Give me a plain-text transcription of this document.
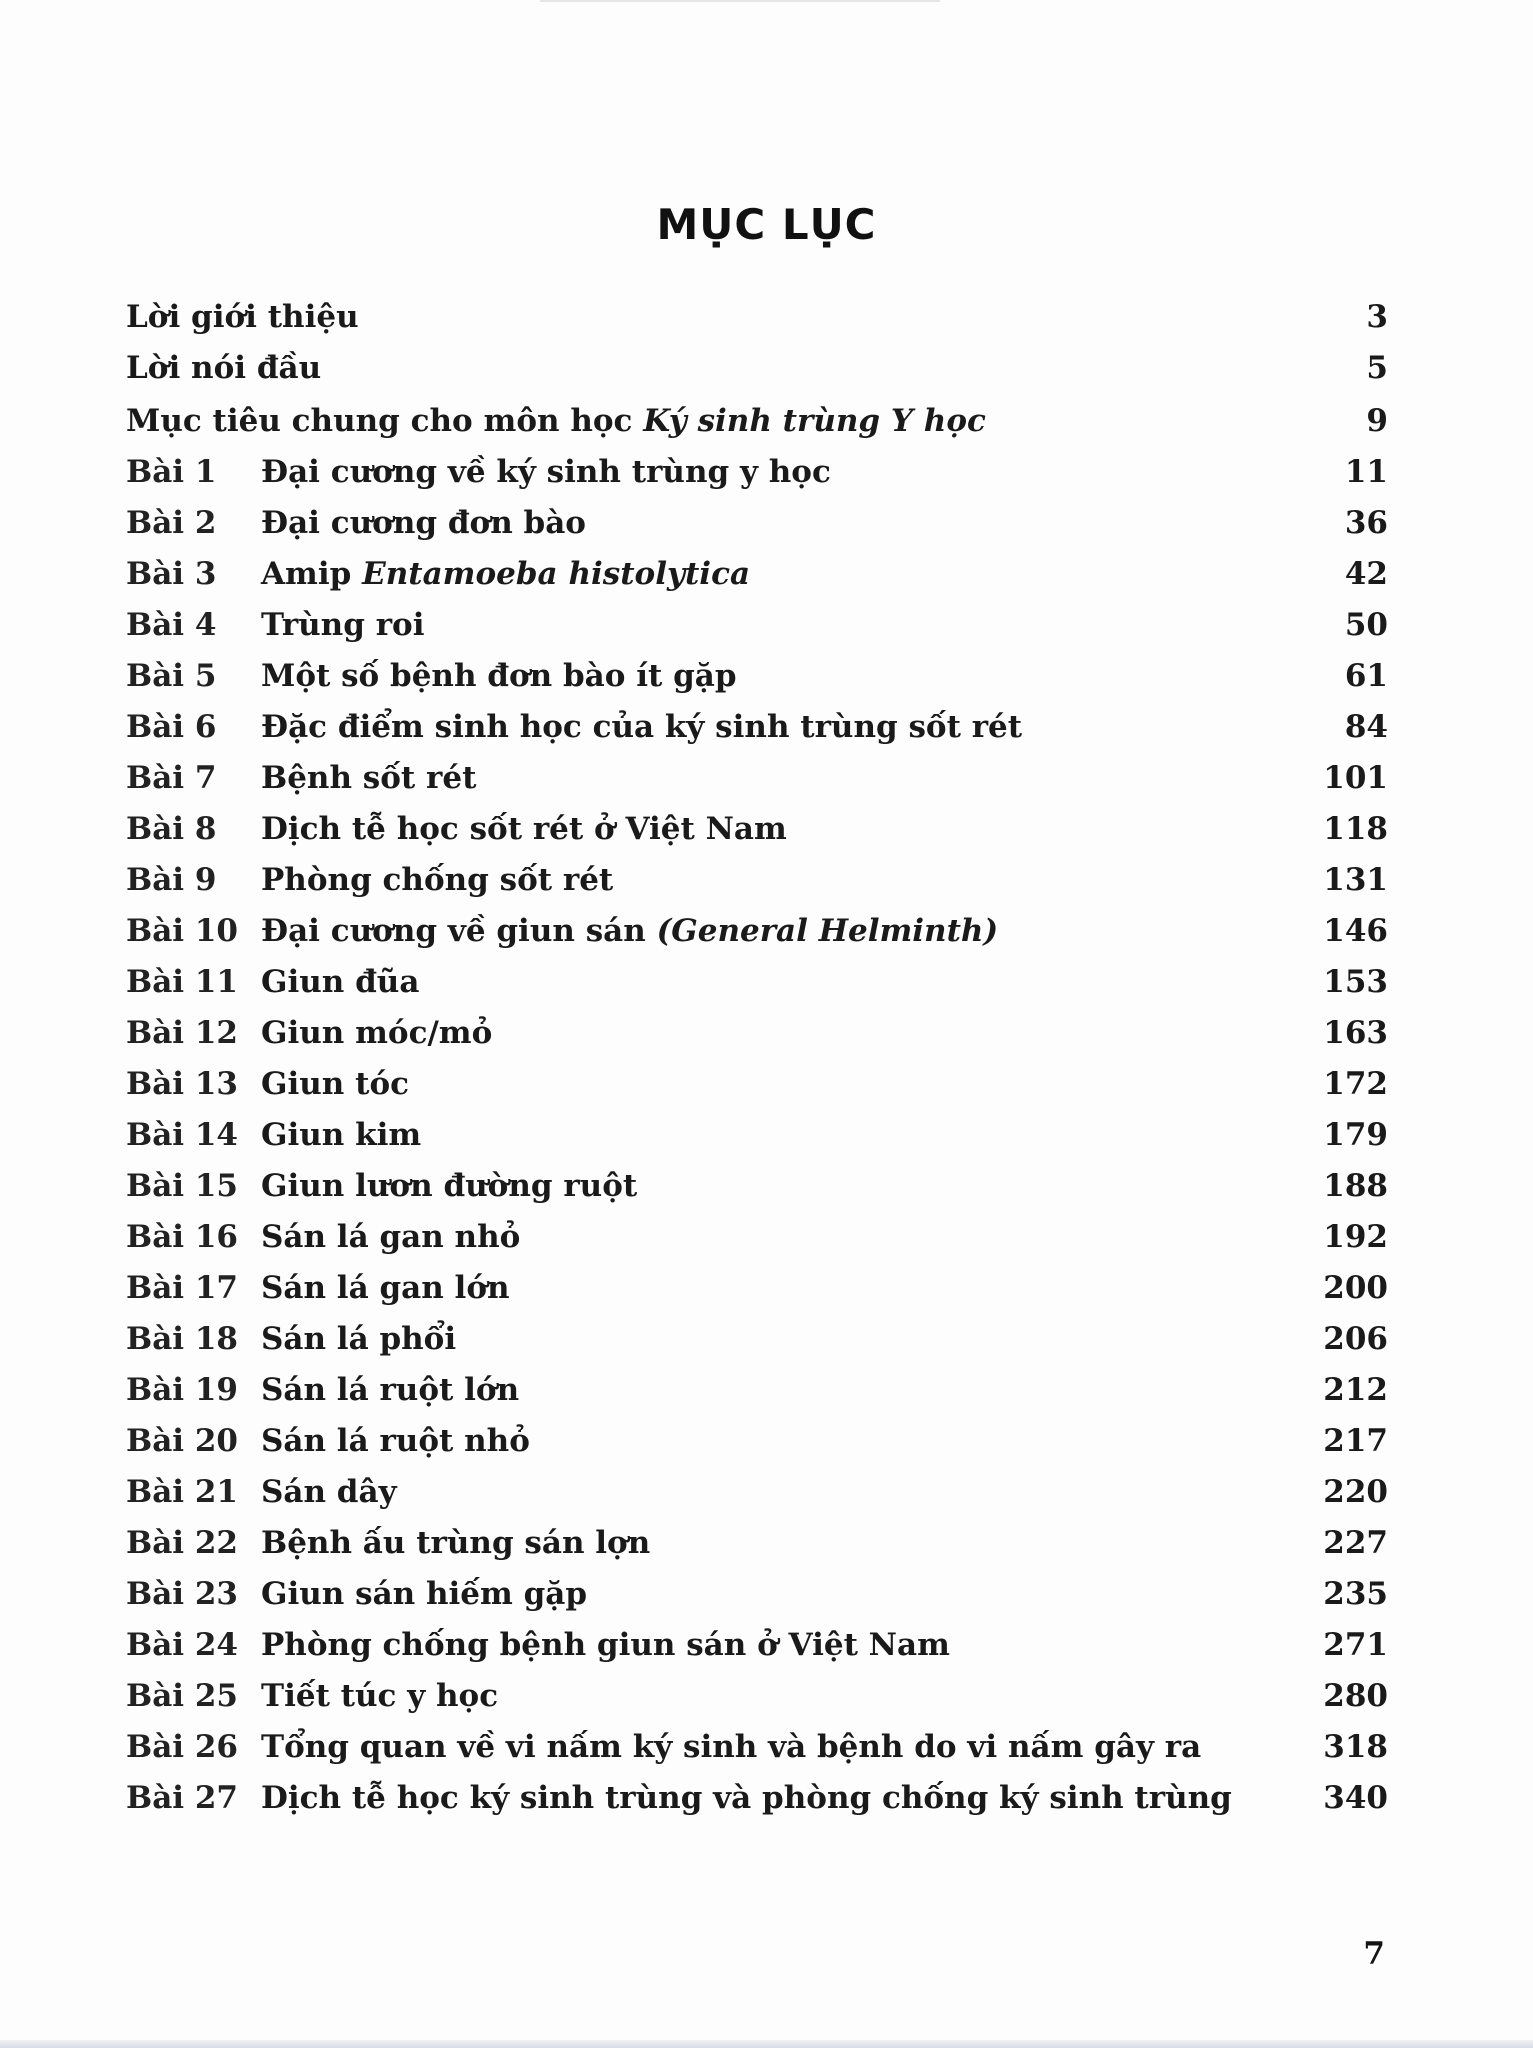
MỤC LỤC
Lời giới thiệu	3
Lời nói đầu	5
Mục tiêu chung cho môn học Ký sinh trùng Y học	9
Bài 1 Đại cương về ký sinh trùng y học	11
Bài 2 Đại cương đơn bào	36
Bài 3 Amip Entamoeba histolytica	42
Bài 4 Trùng roi	50
Bài 5 Một số bệnh đơn bào ít gặp	61
Bài 6 Đặc điểm sinh học của ký sinh trùng sốt rét	84
Bài 7 Bệnh sốt rét	101
Bài 8 Dịch tễ học sốt rét ở Việt Nam	118
Bài 9 Phòng chống sốt rét	131
Bài 10 Đại cương về giun sán (General Helminth)	146
Bài 11 Giun đũa	153
Bài 12 Giun móc/mỏ	163
Bài 13 Giun tóc	172
Bài 14 Giun kim	179
Bài 15 Giun lươn đường ruột	188
Bài 16 Sán lá gan nhỏ	192
Bài 17 Sán lá gan lớn	200
Bài 18 Sán lá phổi	206
Bài 19 Sán lá ruột lớn	212
Bài 20 Sán lá ruột nhỏ	217
Bài 21 Sán dây	220
Bài 22 Bệnh ấu trùng sán lợn	227
Bài 23 Giun sán hiếm gặp	235
Bài 24 Phòng chống bệnh giun sán ở Việt Nam	271
Bài 25 Tiết túc y học	280
Bài 26 Tổng quan về vi nấm ký sinh và bệnh do vi nấm gây ra	318
Bài 27 Dịch tễ học ký sinh trùng và phòng chống ký sinh trùng	340
7
